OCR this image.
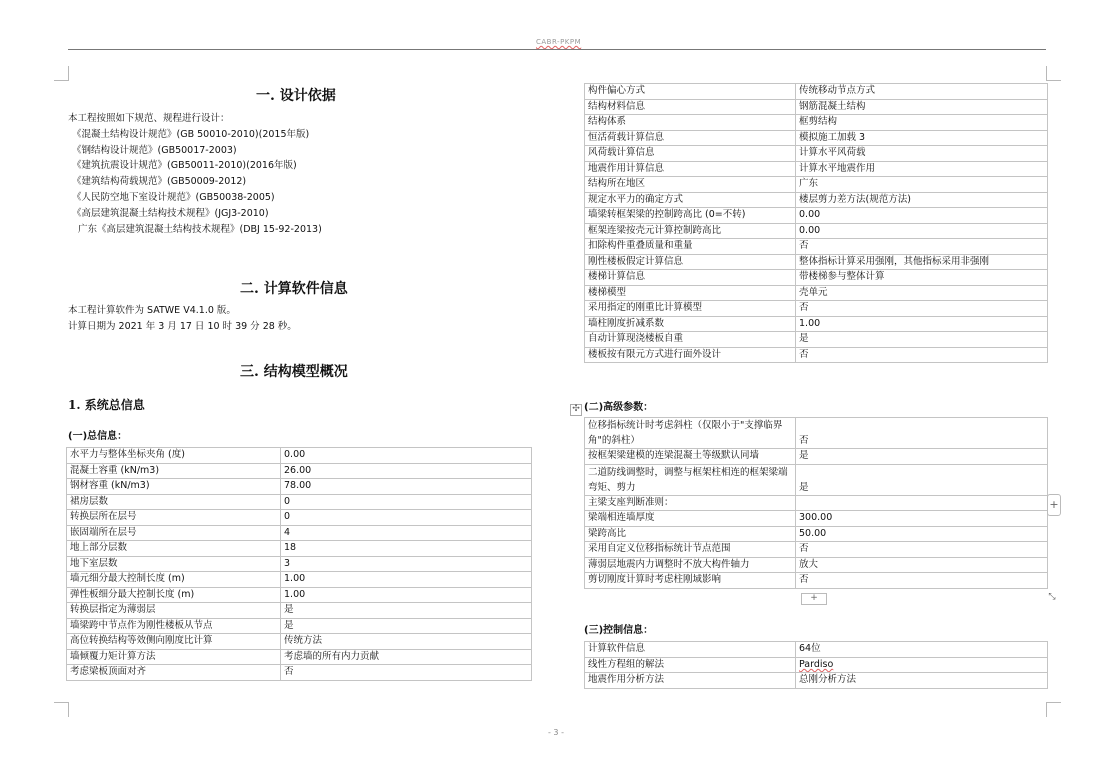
CABR-PKPM
一. 设计依据

本工程按照如下规范、规程进行设计：

《混凝土结构设计规范》(GB 50010-2010)(2015年版)

《钢结构设计规范》(GB50017-2003)

《建筑抗震设计规范》(GB50011-2010)(2016年版)

《建筑结构荷载规范》(GB50009-2012)

《人民防空地下室设计规范》(GB50038-2005)

《高层建筑混凝土结构技术规程》(JGJ3-2010)

广东《高层建筑混凝土结构技术规程》(DBJ 15-92-2013)

二. 计算软件信息

本工程计算软件为 SATWE V4.1.0 版。

计算日期为 2021 年 3 月 17 日 10 时 39 分 28 秒。

三. 结构模型概况
1. 系统总信息
(一)总信息：
水平力与整体坐标夹角 (度)	0.00
混凝土容重 (kN/m3)	26.00
钢材容重 (kN/m3)	78.00
裙房层数	0
转换层所在层号	0
嵌固端所在层号	4
地上部分层数	18
地下室层数	3
墙元细分最大控制长度 (m)	1.00
弹性板细分最大控制长度 (m)	1.00
转换层指定为薄弱层	是
墙梁跨中节点作为刚性楼板从节点	是
高位转换结构等效侧向刚度比计算	传统方法
墙倾覆力矩计算方法	考虑墙的所有内力贡献
考虑梁板顶面对齐	否
构件偏心方式	传统移动节点方式
结构材料信息	钢筋混凝土结构
结构体系	框剪结构
恒活荷载计算信息	模拟施工加载 3
风荷载计算信息	计算水平风荷载
地震作用计算信息	计算水平地震作用
结构所在地区	广东
规定水平力的确定方式	楼层剪力差方法(规范方法)
墙梁转框架梁的控制跨高比 (0=不转)	0.00
框架连梁按壳元计算控制跨高比	0.00
扣除构件重叠质量和重量	否
刚性楼板假定计算信息	整体指标计算采用强刚，其他指标采用非强刚
楼梯计算信息	带楼梯参与整体计算
楼梯模型	壳单元
采用指定的刚重比计算模型	否
墙柱刚度折减系数	1.00
自动计算现浇楼板自重	是
楼板按有限元方式进行面外设计	否
✣ (二)高级参数：
位移指标统计时考虑斜柱（仅限小于"支撑临界角"的斜柱）	否
按框架梁建模的连梁混凝土等级默认同墙	是
二道防线调整时，调整与框架柱相连的框架梁端弯矩、剪力	是
主梁支座判断准则：	
梁端相连墙厚度	300.00
梁跨高比	50.00
采用自定义位移指标统计节点范围	否
薄弱层地震内力调整时不放大构件轴力	放大
剪切刚度计算时考虑柱刚域影响	否
+
+
⤡
(三)控制信息：
计算软件信息	64位
线性方程组的解法	Pardiso
地震作用分析方法	总刚分析方法
- 3 -
